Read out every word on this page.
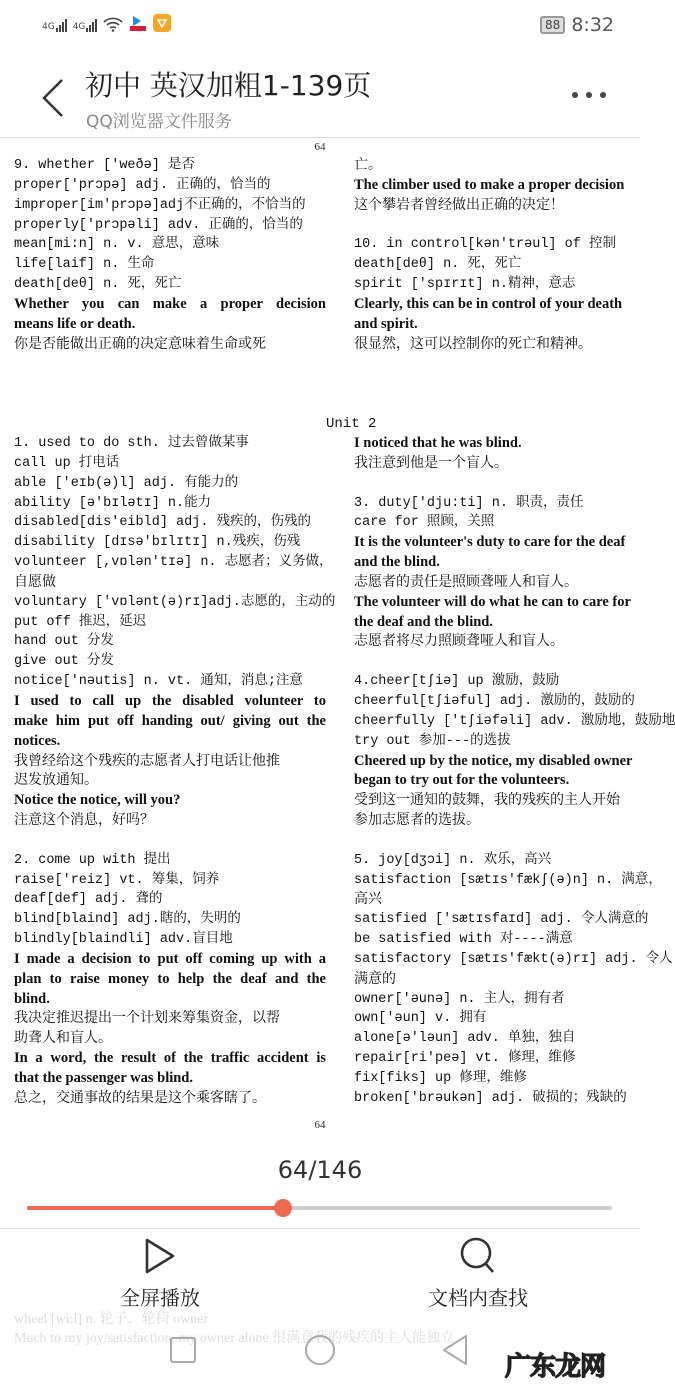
4G 4G	88 8:32
初中 英汉加粗1-139页
QQ浏览器文件服务
64
9. whether ['weðə] 是否
proper['prɔpə] adj. 正确的，恰当的
improper[im'prɔpə]adj不正确的，不恰当的
properly['prɔpəli] adv. 正确的，恰当的
mean[mi:n] n. v. 意思，意味
life[laif] n. 生命
death[deθ] n. 死，死亡
Whether you can make a proper decision
means life or death.
你是否能做出正确的决定意味着生命或死
亡。
The climber used to make a proper decision
这个攀岩者曾经做出正确的决定！
10. in control[kən'trəul] of 控制
death[deθ] n. 死，死亡
spirit ['spɪrɪt] n.精神，意志
Clearly, this can be in control of your death
and spirit.
很显然，这可以控制你的死亡和精神。
Unit 2
1. used to do sth. 过去曾做某事
call up 打电话
able ['eɪb(ə)l] adj. 有能力的
ability [ə'bɪlətɪ] n.能力
disabled[dis'eibld] adj. 残疾的，伤残的
disability [dɪsə'bɪlɪtɪ] n.残疾，伤残
volunteer [,vɒlən'tɪə] n. 志愿者；义务做，
自愿做
voluntary ['vɒlənt(ə)rɪ]adj.志愿的，主动的
put off 推迟，延迟
hand out 分发
give out 分发
notice['nəutis] n. vt. 通知，消息;注意
I used to call up the disabled volunteer to
make him put off handing out/ giving out the
notices.
我曾经给这个残疾的志愿者人打电话让他推
迟发放通知。
Notice the notice, will you?
注意这个消息，好吗？
2. come up with 提出
raise['reiz] vt. 筹集，饲养
deaf[def] adj. 聋的
blind[blaind] adj.瞎的，失明的
blindly[blaindli] adv.盲目地
I made a decision to put off coming up with a
plan to raise money to help the deaf and the
blind.
我决定推迟提出一个计划来筹集资金，以帮
助聋人和盲人。
In a word, the result of the traffic accident is
that the passenger was blind.
总之，交通事故的结果是这个乘客瞎了。
I noticed that he was blind.
我注意到他是一个盲人。
3. duty['dju:ti] n. 职责，责任
care for 照顾，关照
It is the volunteer's duty to care for the deaf
and the blind.
志愿者的责任是照顾聋哑人和盲人。
The volunteer will do what he can to care for
the deaf and the blind.
志愿者将尽力照顾聋哑人和盲人。
4.cheer[tʃiə] up 激励，鼓励
cheerful[tʃiəful] adj. 激励的，鼓励的
cheerfully ['tʃiəfəli] adv. 激励地，鼓励地
try out 参加---的选拔
Cheered up by the notice, my disabled owner
began to try out for the volunteers.
受到这一通知的鼓舞，我的残疾的主人开始
参加志愿者的选拔。
5. joy[dʒɔi] n. 欢乐，高兴
satisfaction [sætɪs'fækʃ(ə)n] n. 满意，
高兴
satisfied ['sætɪsfaɪd] adj. 令人满意的
be satisfied with 对----满意
satisfactory [sætɪs'fækt(ə)rɪ] adj. 令人
满意的
owner['əunə] n. 主人，拥有者
own['əun] v. 拥有
alone[ə'ləun] adv. 单独，独自
repair[ri'peə] vt. 修理，维修
fix[fiks] up 修理，维修
broken['brəukən] adj. 破损的；残缺的
64
wheel [wi:l] n. 轮子，轮椅 owner
Much to my joy/satisfaction, my owner alone 很满意我的残疾的主人能独立
64/146
全屏播放	文档内查找
广东龙网
